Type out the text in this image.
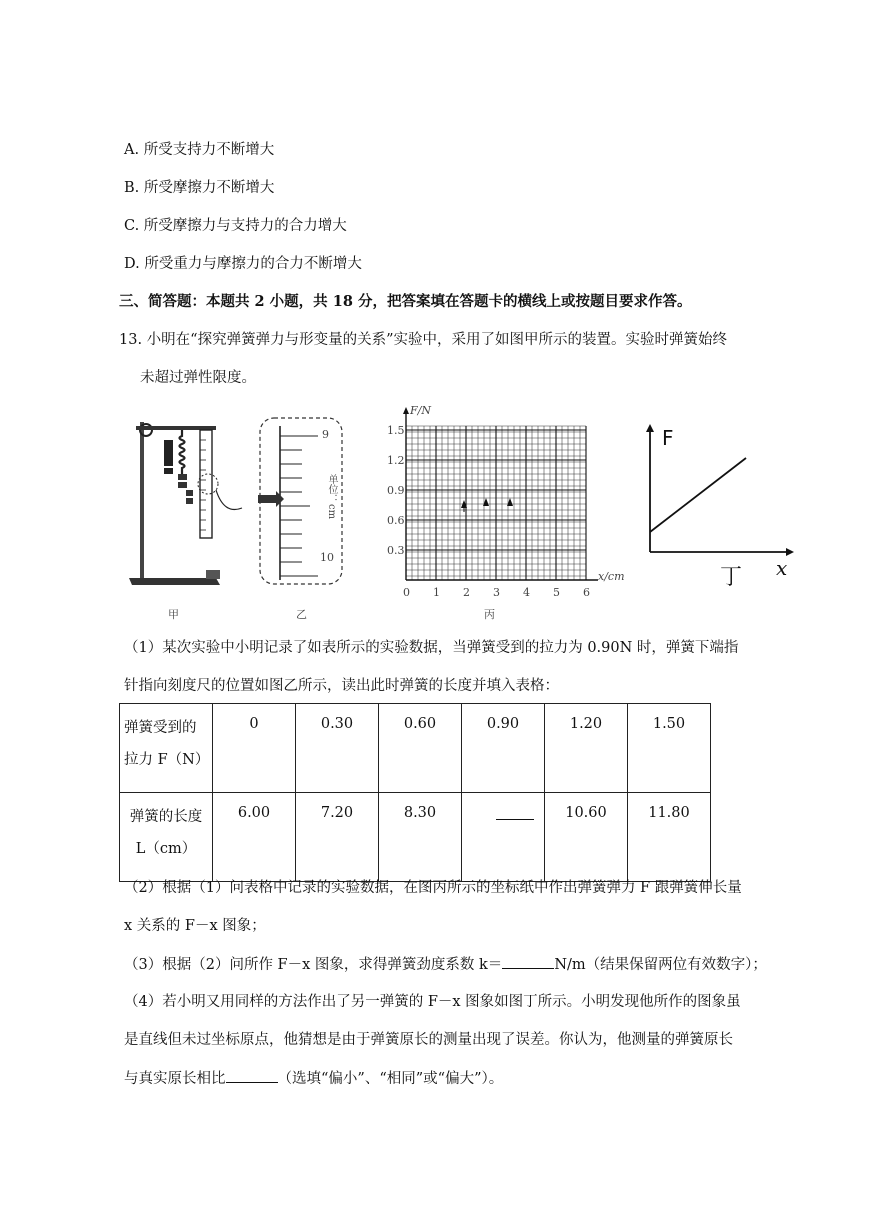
A. 所受支持力不断增大
B. 所受摩擦力不断增大
C. 所受摩擦力与支持力的合力增大
D. 所受重力与摩擦力的合力不断增大
三、简答题：本题共 2 小题，共 18 分，把答案填在答题卡的横线上或按题目要求作答。
13. 小明在“探究弹簧弹力与形变量的关系”实验中，采用了如图甲所示的装置。实验时弹簧始终
未超过弹性限度。
甲
9
10
单位：cm
乙
F/N
x/cm
1.5
1.2
0.9
0.6
0.3
0 1 2 3 4 5 6
丙
F
x
丁
（1）某次实验中小明记录了如表所示的实验数据，当弹簧受到的拉力为 0.90N 时，弹簧下端指
针指向刻度尺的位置如图乙所示，读出此时弹簧的长度并填入表格：
弹簧受到的
拉力 F（N）	0	0.30	0.60	0.90	1.20	1.50

弹簧的长度
L（cm）	6.00	7.20	8.30		10.60	11.80
（2）根据（1）问表格中记录的实验数据，在图丙所示的坐标纸中作出弹簧弹力 F 跟弹簧伸长量
x 关系的 F－x 图象；
（3）根据（2）问所作 F－x 图象，求得弹簧劲度系数 k＝	N/m（结果保留两位有效数字）；
（4）若小明又用同样的方法作出了另一弹簧的 F－x 图象如图丁所示。小明发现他所作的图象虽
是直线但未过坐标原点，他猜想是由于弹簧原长的测量出现了误差。你认为，他测量的弹簧原长
与真实原长相比	（选填“偏小”、“相同”或“偏大”）。
